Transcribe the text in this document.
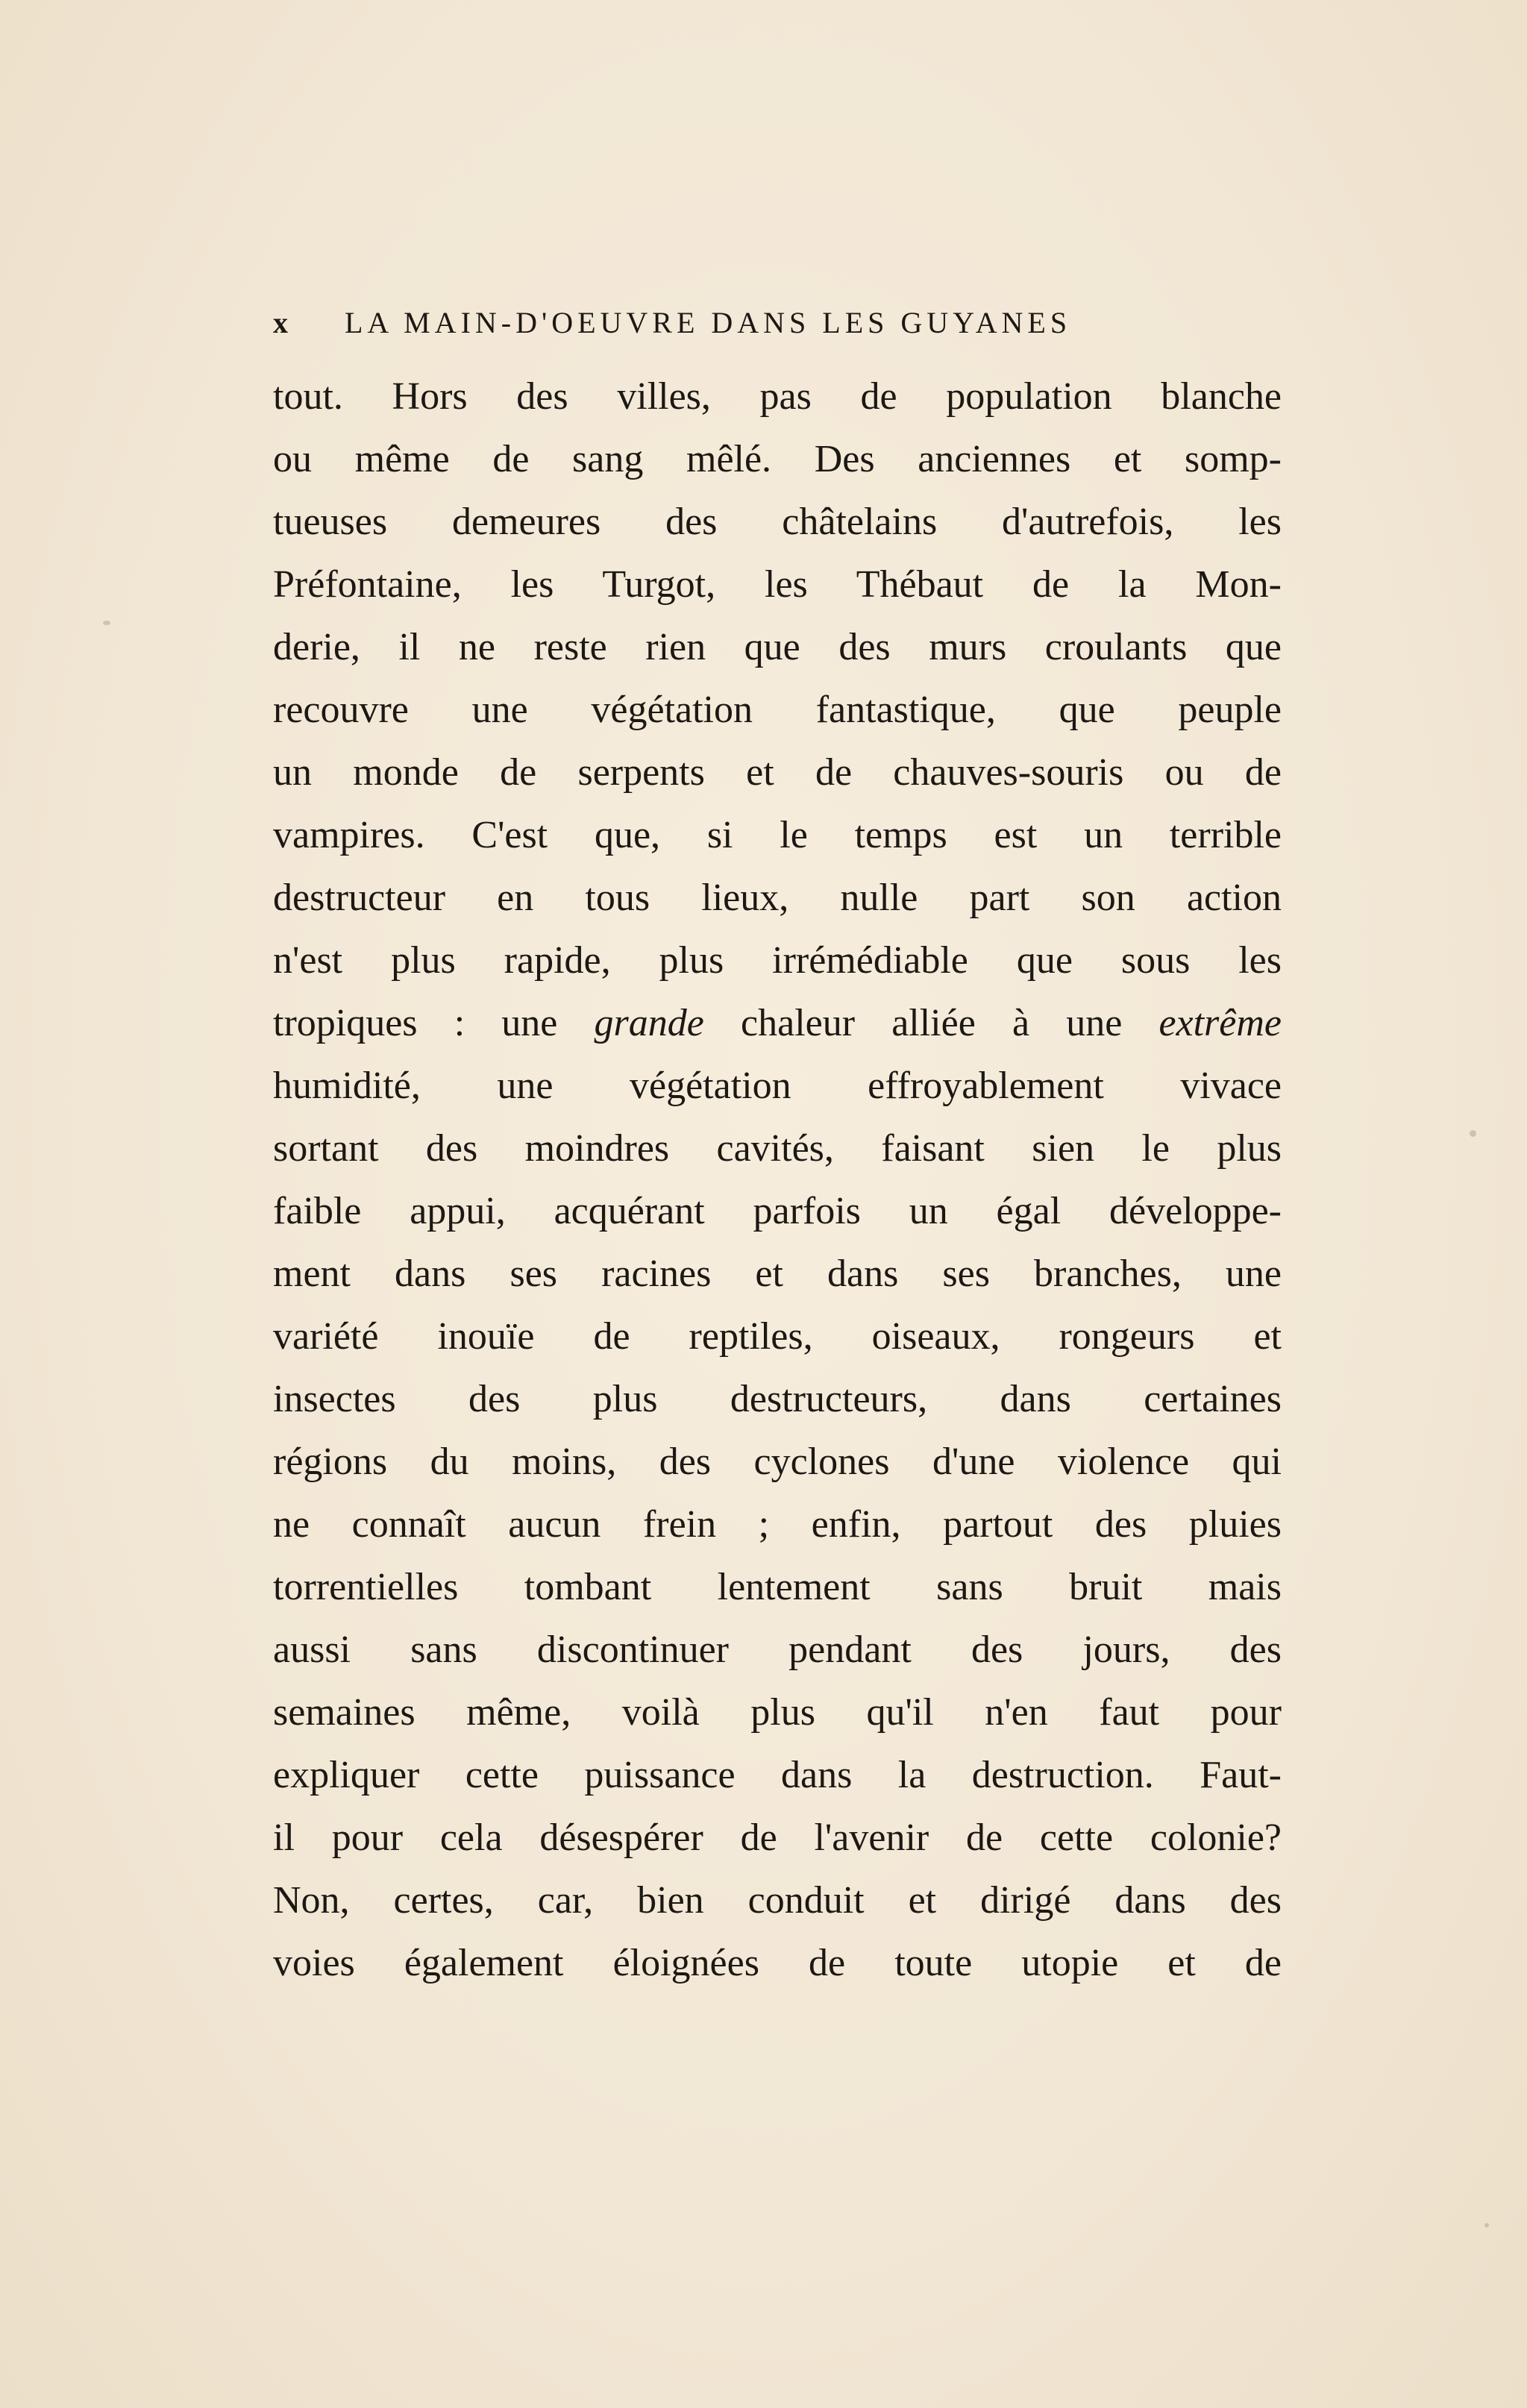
x LA MAIN-D'OEUVRE DANS LES GUYANES
tout. Hors des villes, pas de population blanche
ou même de sang mêlé. Des anciennes et somp-
tueuses demeures des châtelains d'autrefois, les
Préfontaine, les Turgot, les Thébaut de la Mon-
derie, il ne reste rien que des murs croulants que
recouvre une végétation fantastique, que peuple
un monde de serpents et de chauves-souris ou de
vampires. C'est que, si le temps est un terrible
destructeur en tous lieux, nulle part son action
n'est plus rapide, plus irrémédiable que sous les
tropiques : une grande chaleur alliée à une extrême
humidité, une végétation effroyablement vivace
sortant des moindres cavités, faisant sien le plus
faible appui, acquérant parfois un égal développe-
ment dans ses racines et dans ses branches, une
variété inouïe de reptiles, oiseaux, rongeurs et
insectes des plus destructeurs, dans certaines
régions du moins, des cyclones d'une violence qui
ne connaît aucun frein ; enfin, partout des pluies
torrentielles tombant lentement sans bruit mais
aussi sans discontinuer pendant des jours, des
semaines même, voilà plus qu'il n'en faut pour
expliquer cette puissance dans la destruction. Faut-
il pour cela désespérer de l'avenir de cette colonie?
Non, certes, car, bien conduit et dirigé dans des
voies également éloignées de toute utopie et de
